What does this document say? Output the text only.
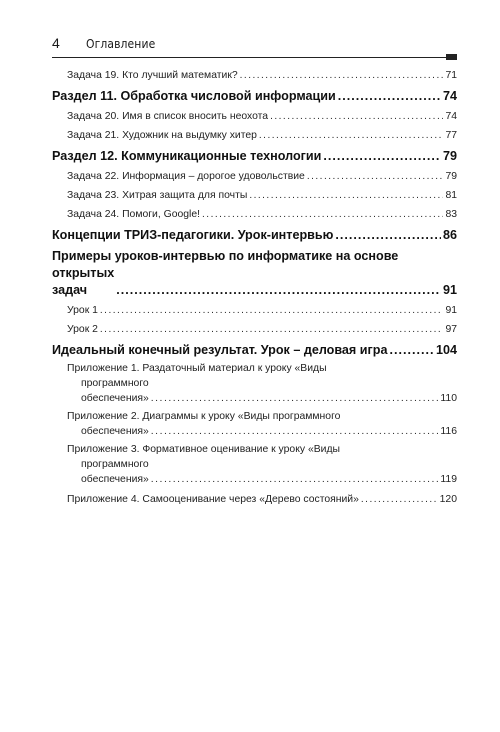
4 Оглавление
Задача 19. Кто лучший математик? .....	71
Раздел 11. Обработка числовой информации .....	74
Задача 20. Имя в список вносить неохота .....	74
Задача 21. Художник на выдумку хитер .....	77
Раздел 12. Коммуникационные технологии .....	79
Задача 22. Информация – дорогое удовольствие .....	79
Задача 23. Хитрая защита для почты .....	81
Задача 24. Помоги, Google! .....	83
Концепции ТРИЗ-педагогики. Урок-интервью .....	86
Примеры уроков-интервью по информатике на основе
открытых задач .....	91
Урок 1 .....	91
Урок 2 .....	97
Идеальный конечный результат. Урок – деловая игра .....	104
Приложение 1. Раздаточный материал к уроку «Виды
программного обеспечения» .....	110
Приложение 2. Диаграммы к уроку «Виды программного
обеспечения» .....	116
Приложение 3. Формативное оценивание к уроку «Виды
программного обеспечения» .....	119
Приложение 4. Самооценивание через «Дерево состояний» .....	120
